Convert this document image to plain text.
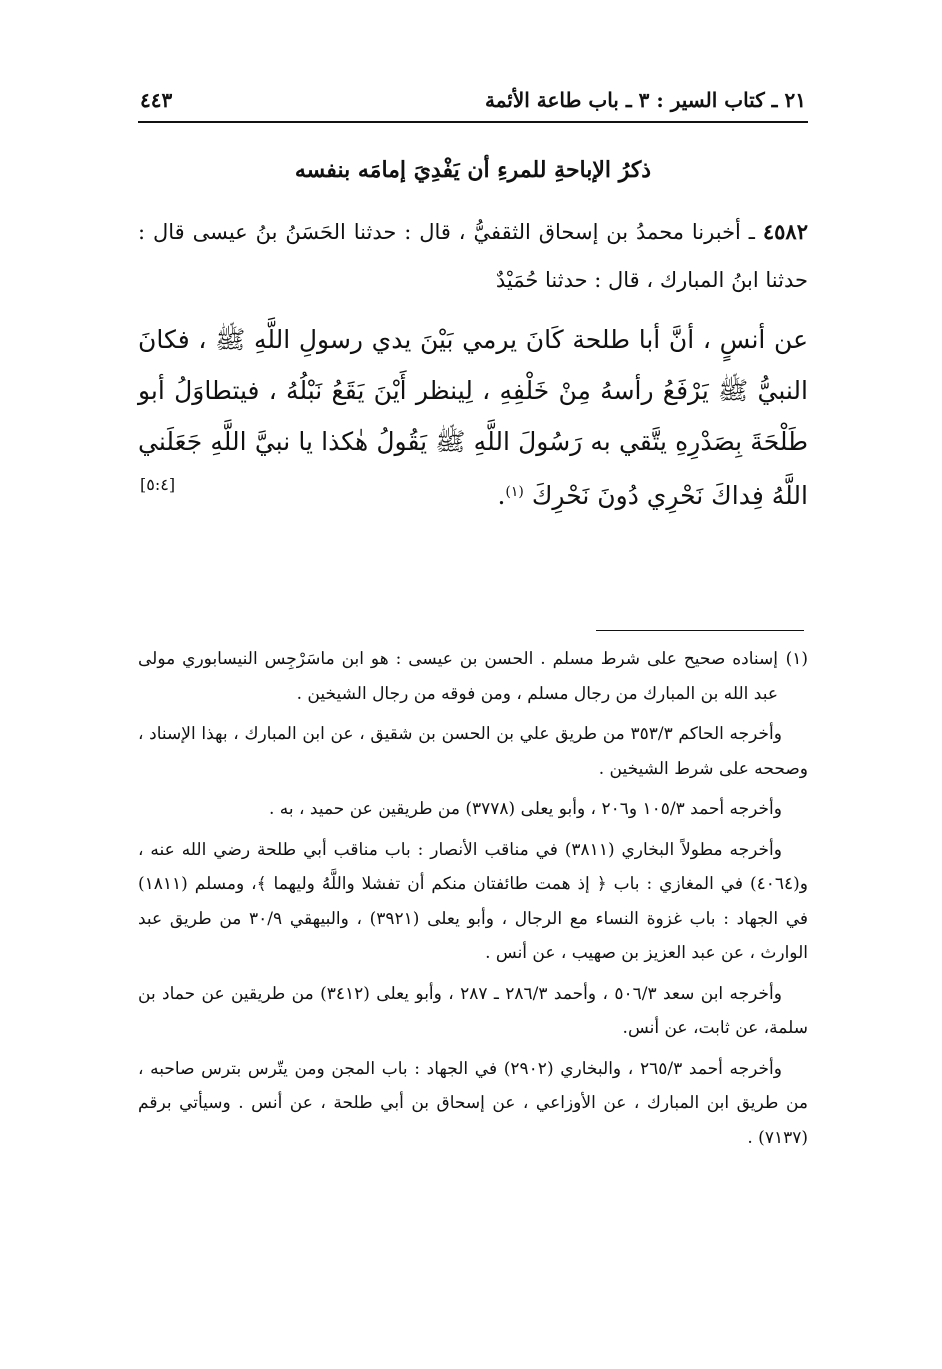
٢١ ـ كتاب السير : ٣ ـ باب طاعة الأئمة
٤٤٣
ذكرُ الإباحةِ للمرءِ أن يَفْدِيَ إمامَه بنفسه
٤٥٨٢ ـ أخبرنا محمدُ بن إسحاق الثقفيُّ ، قال : حدثنا الحَسَنُ بنُ عيسى قال : حدثنا ابنُ المبارك ، قال : حدثنا حُمَيْدٌ
عن أنسٍ ، أنَّ أبا طلحة كَانَ يرمي بَيْنَ يدي رسولِ اللَّهِ ﷺ ، فكانَ النبيُّ ﷺ يَرْفَعُ رأسهُ مِنْ خَلْفِهِ ، لِينظر أَيْنَ يَقَعُ نَبْلُهُ ، فيتطاوَلُ أبو طَلْحَةَ بِصَدْرِهِ يتَّقي به رَسُولَ اللَّهِ ﷺ يَقُولُ هٰكذا يا نبيَّ اللَّهِ جَعَلَني اللَّهُ فِداكَ نَحْرِي دُونَ نَحْرِكَ $^{(١)}$.
[٥:٤]

(١)
إسناده صحيح على شرط مسلم . الحسن بن عيسى : هو ابن ماسَرْجِس النيسابوري مولى عبد الله بن المبارك من رجال مسلم ، ومن فوقه من رجال الشيخين .

وأخرجه الحاكم ٣٥٣/٣ من طريق علي بن الحسن بن شقيق ، عن ابن المبارك ، بهذا الإسناد ، وصححه على شرط الشيخين .

وأخرجه أحمد ١٠٥/٣ و٢٠٦ ، وأبو يعلى (٣٧٧٨) من طريقين عن حميد ، به .

وأخرجه مطولاً البخاري (٣٨١١) في مناقب الأنصار : باب مناقب أبي طلحة رضي الله عنه ، و(٤٠٦٤) في المغازي : باب ﴿ إذ همت طائفتان منكم أن تفشلا واللَّهُ وليهما ﴾، ومسلم (١٨١١) في الجهاد : باب غزوة النساء مع الرجال ، وأبو يعلى (٣٩٢١) ، والبيهقي ٣٠/٩ من طريق عبد الوارث ، عن عبد العزيز بن صهيب ، عن أنس .

وأخرجه ابن سعد ٥٠٦/٣ ، وأحمد ٢٨٦/٣ ـ ٢٨٧ ، وأبو يعلى (٣٤١٢) من طريقين عن حماد بن سلمة، عن ثابت، عن أنس.

وأخرجه أحمد ٢٦٥/٣ ، والبخاري (٢٩٠٢) في الجهاد : باب المجن ومن يتّرس بترس صاحبه ، من طريق ابن المبارك ، عن الأوزاعي ، عن إسحاق بن أبي طلحة ، عن أنس . وسيأتي برقم (٧١٣٧) .
